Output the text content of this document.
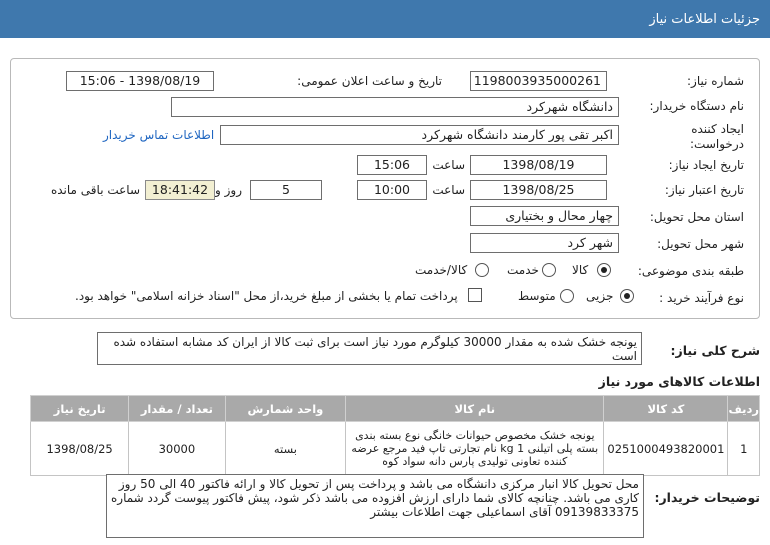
جزئیات اطلاعات نیاز
شماره نیاز:
1198003935000261
تاریخ و ساعت اعلان عمومی:
1398/08/19 - 15:06
نام دستگاه خریدار:
دانشگاه شهرکرد
ایجاد کننده
درخواست:
اکبر تقی پور کارمند دانشگاه شهرکرد
اطلاعات تماس خریدار
تاریخ ایجاد نیاز:
1398/08/19
ساعت
15:06
تاریخ اعتبار نیاز:
1398/08/25
ساعت
10:00
5
روز و
18:41:42
ساعت باقی مانده
استان محل تحویل:
چهار محال و بختیاری
شهر محل تحویل:
شهر کرد
طبقه بندی موضوعی:
کالا
خدمت
کالا/خدمت
نوع فرآیند خرید :
جزیی
متوسط
پرداخت تمام یا بخشی از مبلغ خرید،از محل "اسناد خزانه اسلامی" خواهد بود.
شرح کلی نیاز:
یونجه خشک شده به مقدار 30000 کیلوگرم مورد نیاز است برای ثبت کالا از ایران کد مشابه استفاده شده است
اطلاعات کالاهای مورد نیاز
ردیف	کد کالا	نام کالا	واحد شمارش	تعداد / مقدار	تاریخ نیاز
1	0251000493820001	یونجه خشک مخصوص حیوانات خانگی نوع بسته بندی بسته پلی اتیلنی 1 kg نام تجارتی تاپ فید مرجع عرضه کننده تعاونی تولیدی پارس دانه سواد کوه	بسته	30000	1398/08/25
توضیحات خریدار:
محل تحویل کالا انبار مرکزی دانشگاه می باشد و پرداخت پس از تحویل کالا و ارائه فاکتور 40 الی 50 روز کاری می باشد. چنانچه کالای شما دارای ارزش افزوده می باشد ذکر شود، پیش فاکتور پیوست گردد شماره 09139833375 آقای اسماعیلی جهت اطلاعات بیشتر
